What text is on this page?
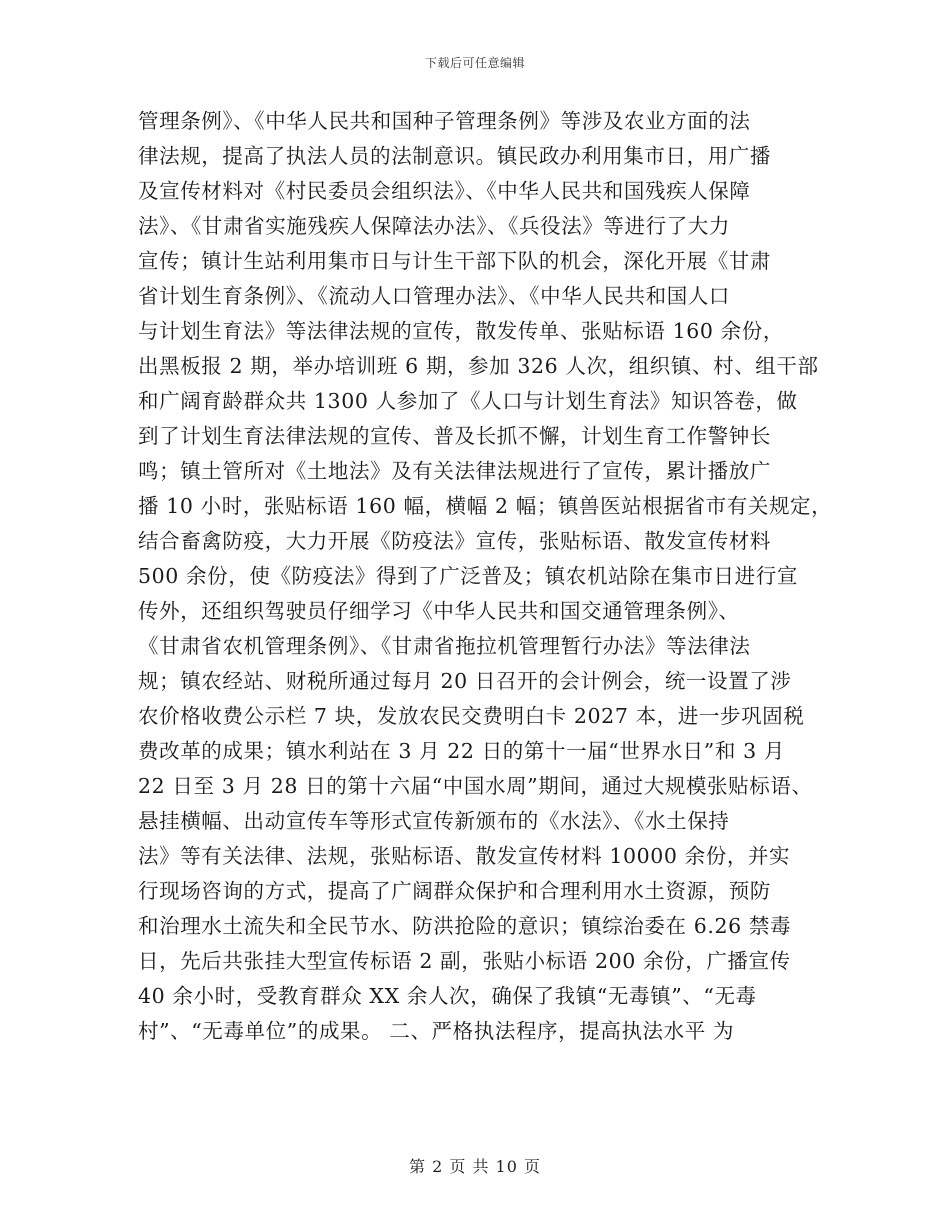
下载后可任意编辑
管理条例》、《中华人民共和国种子管理条例》等涉及农业方面的法
律法规，提高了执法人员的法制意识。镇民政办利用集市日，用广播
及宣传材料对《村民委员会组织法》、《中华人民共和国残疾人保障
法》、《甘肃省实施残疾人保障法办法》、《兵役法》等进行了大力
宣传；镇计生站利用集市日与计生干部下队的机会，深化开展《甘肃
省计划生育条例》、《流动人口管理办法》、《中华人民共和国人口
与计划生育法》等法律法规的宣传，散发传单、张贴标语 160 余份，
出黑板报 2 期，举办培训班 6 期，参加 326 人次，组织镇、村、组干部
和广阔育龄群众共 1300 人参加了《人口与计划生育法》知识答卷，做
到了计划生育法律法规的宣传、普及长抓不懈，计划生育工作警钟长
鸣；镇土管所对《土地法》及有关法律法规进行了宣传，累计播放广
播 10 小时，张贴标语 160 幅，横幅 2 幅；镇兽医站根据省市有关规定，
结合畜禽防疫，大力开展《防疫法》宣传，张贴标语、散发宣传材料
500 余份，使《防疫法》得到了广泛普及；镇农机站除在集市日进行宣
传外，还组织驾驶员仔细学习《中华人民共和国交通管理条例》、
《甘肃省农机管理条例》、《甘肃省拖拉机管理暂行办法》等法律法
规；镇农经站、财税所通过每月 20 日召开的会计例会，统一设置了涉
农价格收费公示栏 7 块，发放农民交费明白卡 2027 本，进一步巩固税
费改革的成果；镇水利站在 3 月 22 日的第十一届“世界水日”和 3 月
22 日至 3 月 28 日的第十六届“中国水周”期间，通过大规模张贴标语、
悬挂横幅、出动宣传车等形式宣传新颁布的《水法》、《水土保持
法》等有关法律、法规，张贴标语、散发宣传材料 10000 余份，并实
行现场咨询的方式，提高了广阔群众保护和合理利用水土资源，预防
和治理水土流失和全民节水、防洪抢险的意识；镇综治委在 6.26 禁毒
日，先后共张挂大型宣传标语 2 副，张贴小标语 200 余份，广播宣传
40 余小时，受教育群众 XX 余人次，确保了我镇“无毒镇”、“无毒
村”、“无毒单位”的成果。 二、严格执法程序，提高执法水平 为
第 2 页 共 10 页
